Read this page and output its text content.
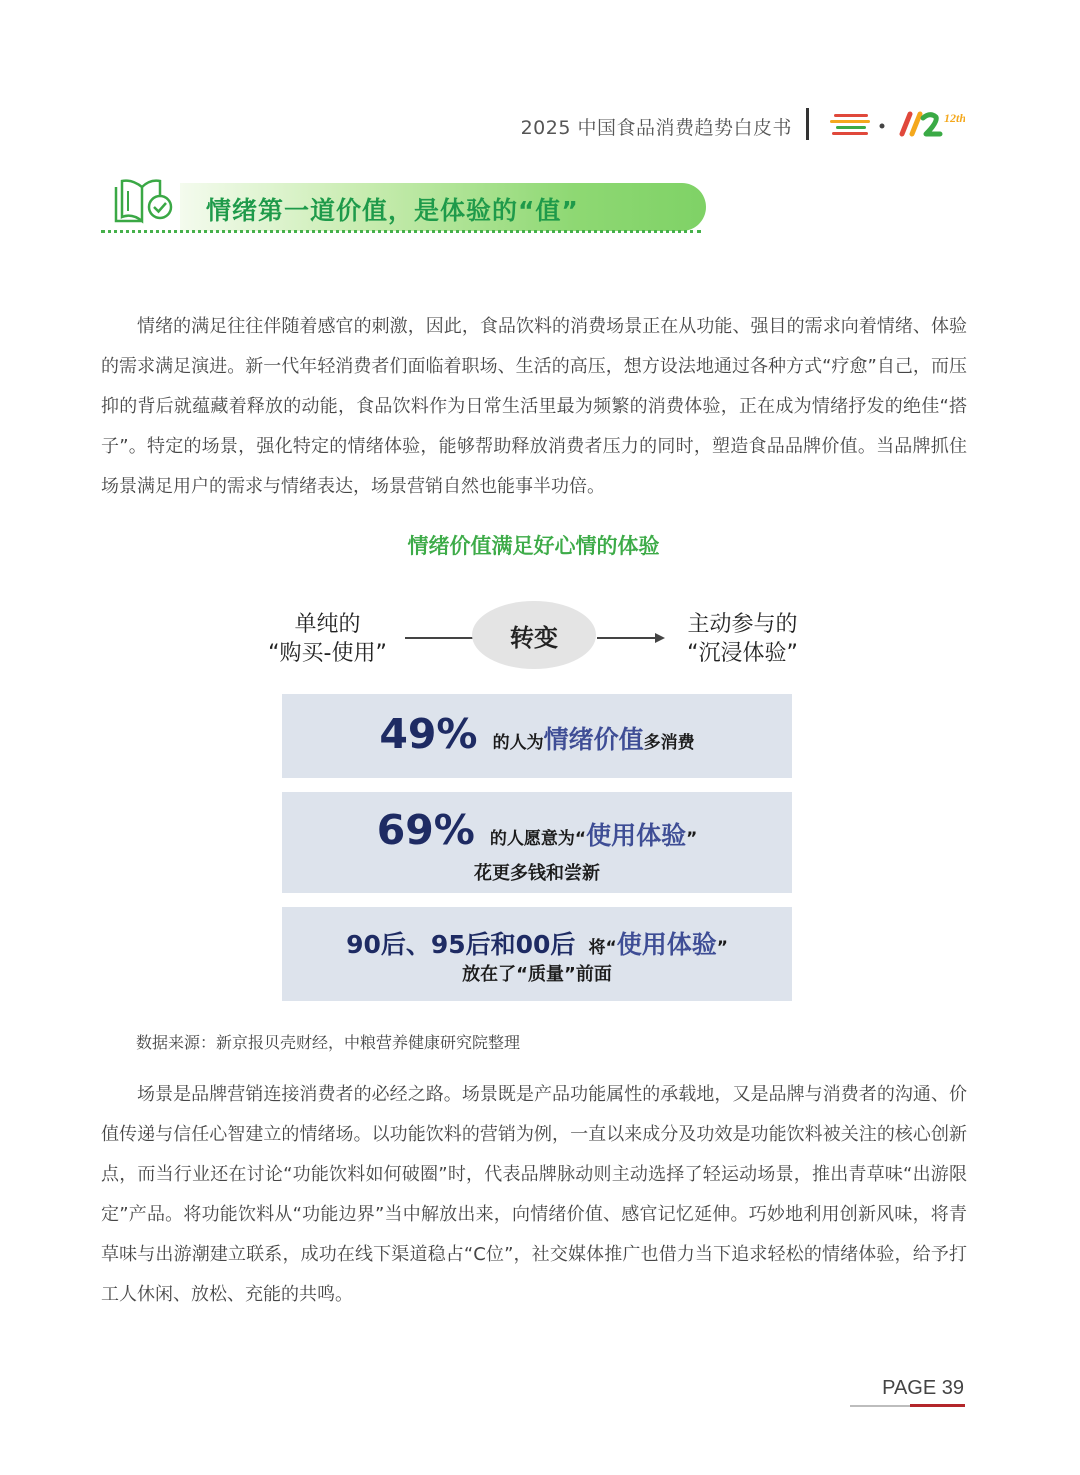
2025 中国食品消费趋势白皮书	12th
情绪第一道价值，是体验的“值”
情绪的满足往往伴随着感官的刺激，因此，食品饮料的消费场景正在从功能、强目的需求向着情绪、体验的需求满足演进。新一代年轻消费者们面临着职场、生活的高压，想方设法地通过各种方式“疗愈”自己，而压抑的背后就蕴藏着释放的动能，食品饮料作为日常生活里最为频繁的消费体验，正在成为情绪抒发的绝佳“搭子”。特定的场景，强化特定的情绪体验，能够帮助释放消费者压力的同时，塑造食品品牌价值。当品牌抓住场景满足用户的需求与情绪表达，场景营销自然也能事半功倍。
情绪价值满足好心情的体验
单纯的
“购买-使用”
转变	主动参与的
“沉浸体验”
49% 的人为情绪价值多消费
69% 的人愿意为“使用体验”
花更多钱和尝新
90后、95后和00后 将“使用体验”
放在了“质量”前面
数据来源：新京报贝壳财经，中粮营养健康研究院整理
场景是品牌营销连接消费者的必经之路。场景既是产品功能属性的承载地，又是品牌与消费者的沟通、价值传递与信任心智建立的情绪场。以功能饮料的营销为例，一直以来成分及功效是功能饮料被关注的核心创新点，而当行业还在讨论“功能饮料如何破圈”时，代表品牌脉动则主动选择了轻运动场景，推出青草味“出游限定”产品。将功能饮料从“功能边界”当中解放出来，向情绪价值、感官记忆延伸。巧妙地利用创新风味，将青草味与出游潮建立联系，成功在线下渠道稳占“C位”，社交媒体推广也借力当下追求轻松的情绪体验，给予打工人休闲、放松、充能的共鸣。
PAGE 39
